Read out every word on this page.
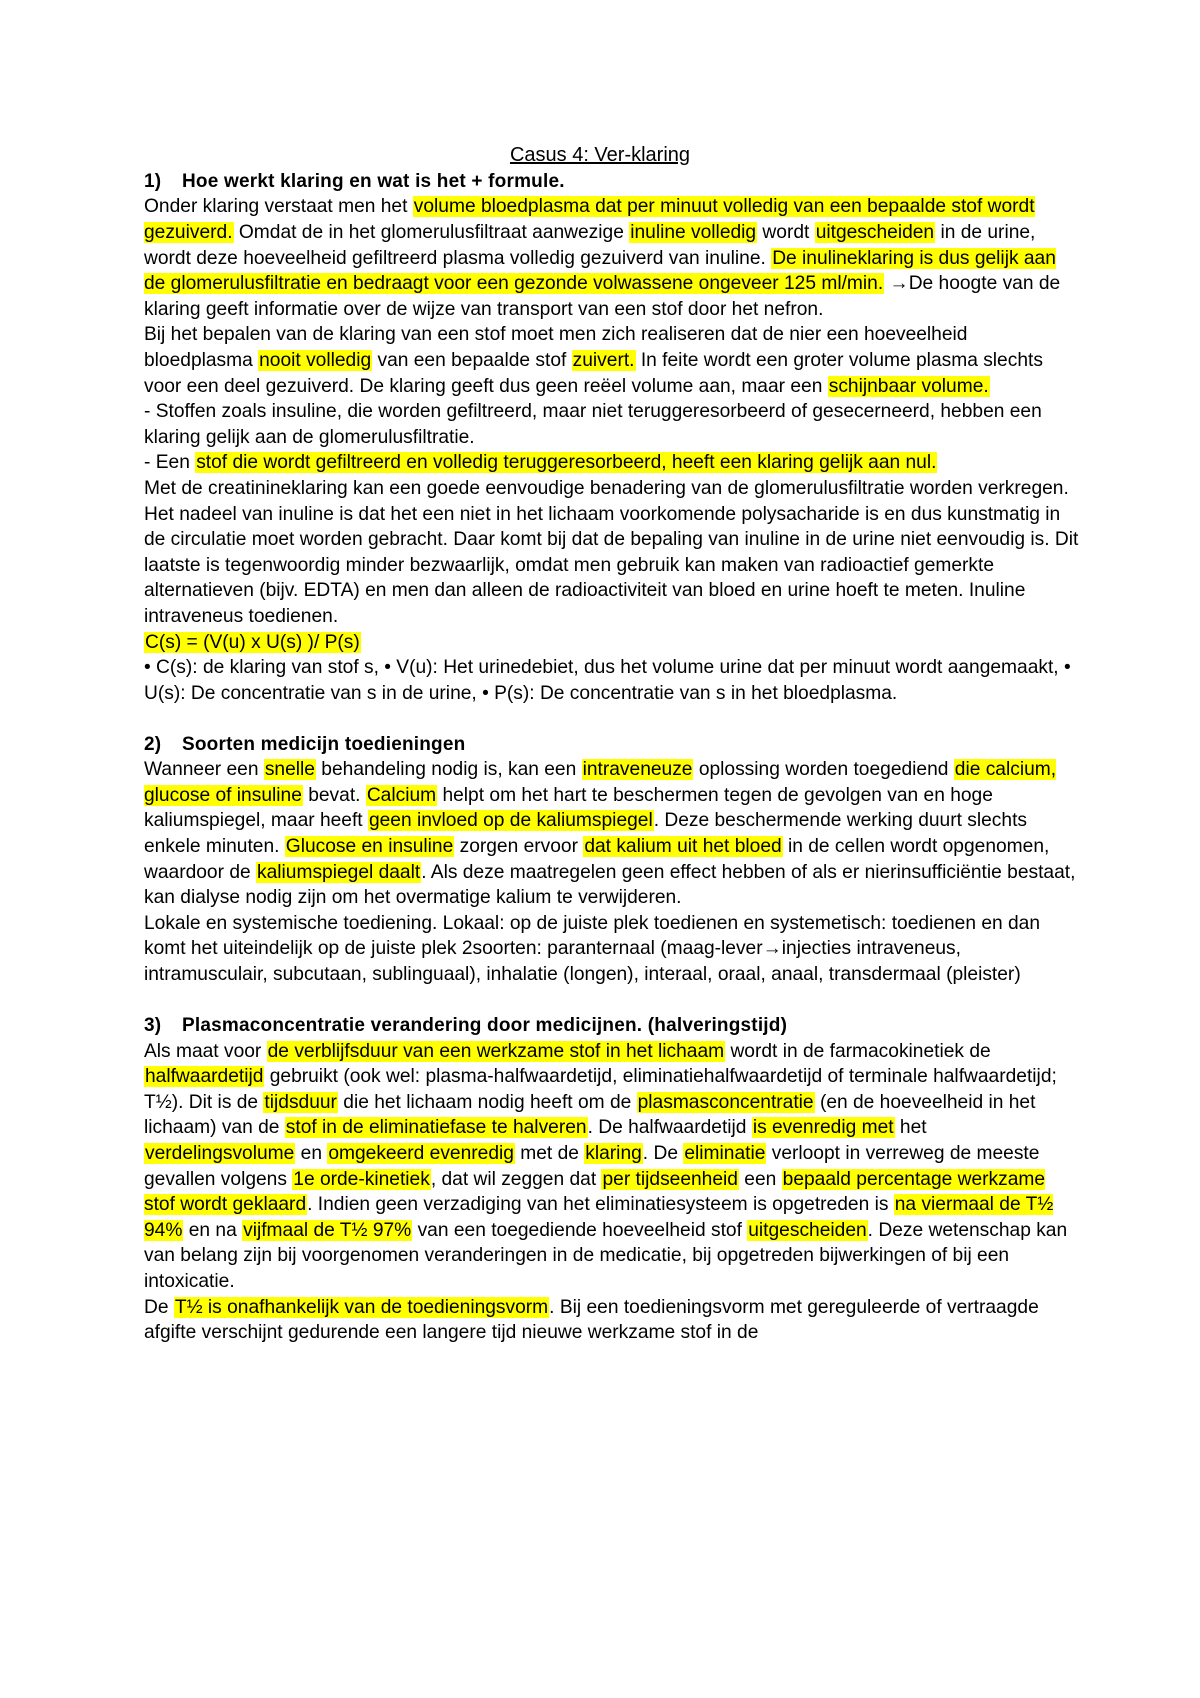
Casus 4: Ver-klaring
1) Hoe werkt klaring en wat is het + formule.

Onder klaring verstaat men het volume bloedplasma dat per minuut volledig van een bepaalde stof wordt gezuiverd. Omdat de in het glomerulusfiltraat aanwezige inuline volledig wordt uitgescheiden in de urine, wordt deze hoeveelheid gefiltreerd plasma volledig gezuiverd van inuline. De inulineklaring is dus gelijk aan de glomerulusfiltratie en bedraagt voor een gezonde volwassene ongeveer 125 ml/min. →De hoogte van de klaring geeft informatie over de wijze van transport van een stof door het nefron.

Bij het bepalen van de klaring van een stof moet men zich realiseren dat de nier een hoeveelheid bloedplasma nooit volledig van een bepaalde stof zuivert. In feite wordt een groter volume plasma slechts voor een deel gezuiverd. De klaring geeft dus geen reëel volume aan, maar een schijnbaar volume.

- Stoffen zoals insuline, die worden gefiltreerd, maar niet teruggeresorbeerd of gesecerneerd, hebben een klaring gelijk aan de glomerulusfiltratie.

- Een stof die wordt gefiltreerd en volledig teruggeresorbeerd, heeft een klaring gelijk aan nul.

Met de creatinineklaring kan een goede eenvoudige benadering van de glomerulusfiltratie worden verkregen.

Het nadeel van inuline is dat het een niet in het lichaam voorkomende polysacharide is en dus kunstmatig in de circulatie moet worden gebracht. Daar komt bij dat de bepaling van inuline in de urine niet eenvoudig is. Dit laatste is tegenwoordig minder bezwaarlijk, omdat men gebruik kan maken van radioactief gemerkte alternatieven (bijv. EDTA) en men dan alleen de radioactiviteit van bloed en urine hoeft te meten. Inuline intraveneus toedienen.

C(s) = (V(u) x U(s) )/ P(s)

• C(s): de klaring van stof s, • V(u): Het urinedebiet, dus het volume urine dat per minuut wordt aangemaakt, • U(s): De concentratie van s in de urine, • P(s): De concentratie van s in het bloedplasma.

2) Soorten medicijn toedieningen

Wanneer een snelle behandeling nodig is, kan een intraveneuze oplossing worden toegediend die calcium, glucose of insuline bevat. Calcium helpt om het hart te beschermen tegen de gevolgen van en hoge kaliumspiegel, maar heeft geen invloed op de kaliumspiegel. Deze beschermende werking duurt slechts enkele minuten. Glucose en insuline zorgen ervoor dat kalium uit het bloed in de cellen wordt opgenomen, waardoor de kaliumspiegel daalt. Als deze maatregelen geen effect hebben of als er nierinsufficiëntie bestaat, kan dialyse nodig zijn om het overmatige kalium te verwijderen.

Lokale en systemische toediening. Lokaal: op de juiste plek toedienen en systemetisch: toedienen en dan komt het uiteindelijk op de juiste plek 2soorten: paranternaal (maag-lever→injecties intraveneus, intramusculair, subcutaan, sublinguaal), inhalatie (longen), interaal, oraal, anaal, transdermaal (pleister)

3) Plasmaconcentratie verandering door medicijnen. (halveringstijd)

Als maat voor de verblijfsduur van een werkzame stof in het lichaam wordt in de farmacokinetiek de halfwaardetijd gebruikt (ook wel: plasma-halfwaardetijd, eliminatiehalfwaardetijd of terminale halfwaardetijd; T½). Dit is de tijdsduur die het lichaam nodig heeft om de plasmasconcentratie (en de hoeveelheid in het lichaam) van de stof in de eliminatiefase te halveren. De halfwaardetijd is evenredig met het verdelingsvolume en omgekeerd evenredig met de klaring. De eliminatie verloopt in verreweg de meeste gevallen volgens 1e orde-kinetiek, dat wil zeggen dat per tijdseenheid een bepaald percentage werkzame stof wordt geklaard. Indien geen verzadiging van het eliminatiesysteem is opgetreden is na viermaal de T½ 94% en na vijfmaal de T½ 97% van een toegediende hoeveelheid stof uitgescheiden. Deze wetenschap kan van belang zijn bij voorgenomen veranderingen in de medicatie, bij opgetreden bijwerkingen of bij een intoxicatie.

De T½ is onafhankelijk van de toedieningsvorm. Bij een toedieningsvorm met gereguleerde of vertraagde afgifte verschijnt gedurende een langere tijd nieuwe werkzame stof in de
